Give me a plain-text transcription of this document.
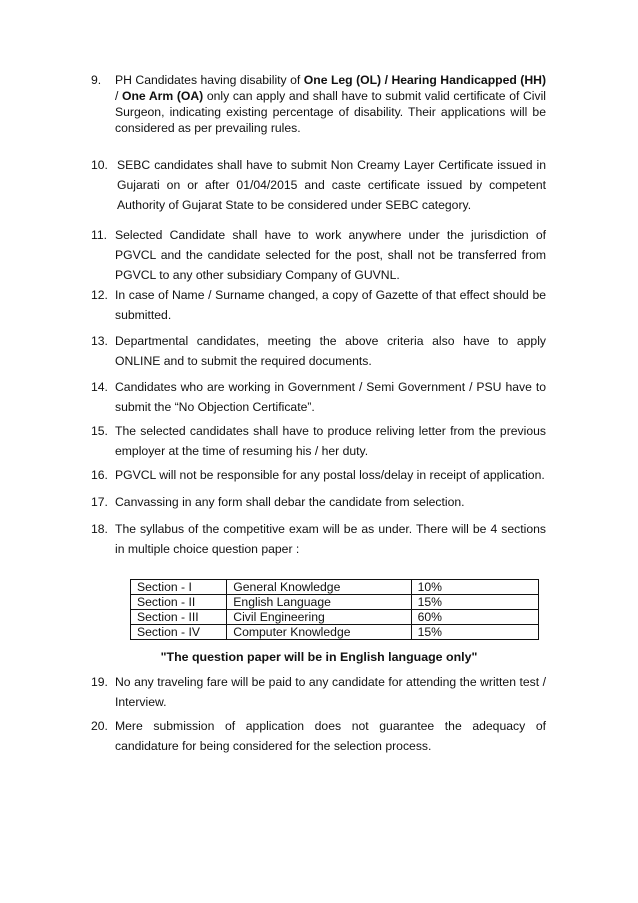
9. PH Candidates having disability of One Leg (OL) / Hearing Handicapped (HH) / One Arm (OA) only can apply and shall have to submit valid certificate of Civil Surgeon, indicating existing percentage of disability. Their applications will be considered as per prevailing rules.
10. SEBC candidates shall have to submit Non Creamy Layer Certificate issued in Gujarati on or after 01/04/2015 and caste certificate issued by competent Authority of Gujarat State to be considered under SEBC category.
11. Selected Candidate shall have to work anywhere under the jurisdiction of PGVCL and the candidate selected for the post, shall not be transferred from PGVCL to any other subsidiary Company of GUVNL.
12. In case of Name / Surname changed, a copy of Gazette of that effect should be submitted.
13. Departmental candidates, meeting the above criteria also have to apply ONLINE and to submit the required documents.
14. Candidates who are working in Government / Semi Government / PSU have to submit the “No Objection Certificate”.
15. The selected candidates shall have to produce reliving letter from the previous employer at the time of resuming his / her duty.
16. PGVCL will not be responsible for any postal loss/delay in receipt of application.
17. Canvassing in any form shall debar the candidate from selection.
18. The syllabus of the competitive exam will be as under. There will be 4 sections in multiple choice question paper :
Section - I	General Knowledge	10%
Section - II	English Language	15%
Section - III	Civil Engineering	60%
Section - IV	Computer Knowledge	15%
"The question paper will be in English language only"
19. No any traveling fare will be paid to any candidate for attending the written test / Interview.
20. Mere submission of application does not guarantee the adequacy of candidature for being considered for the selection process.
